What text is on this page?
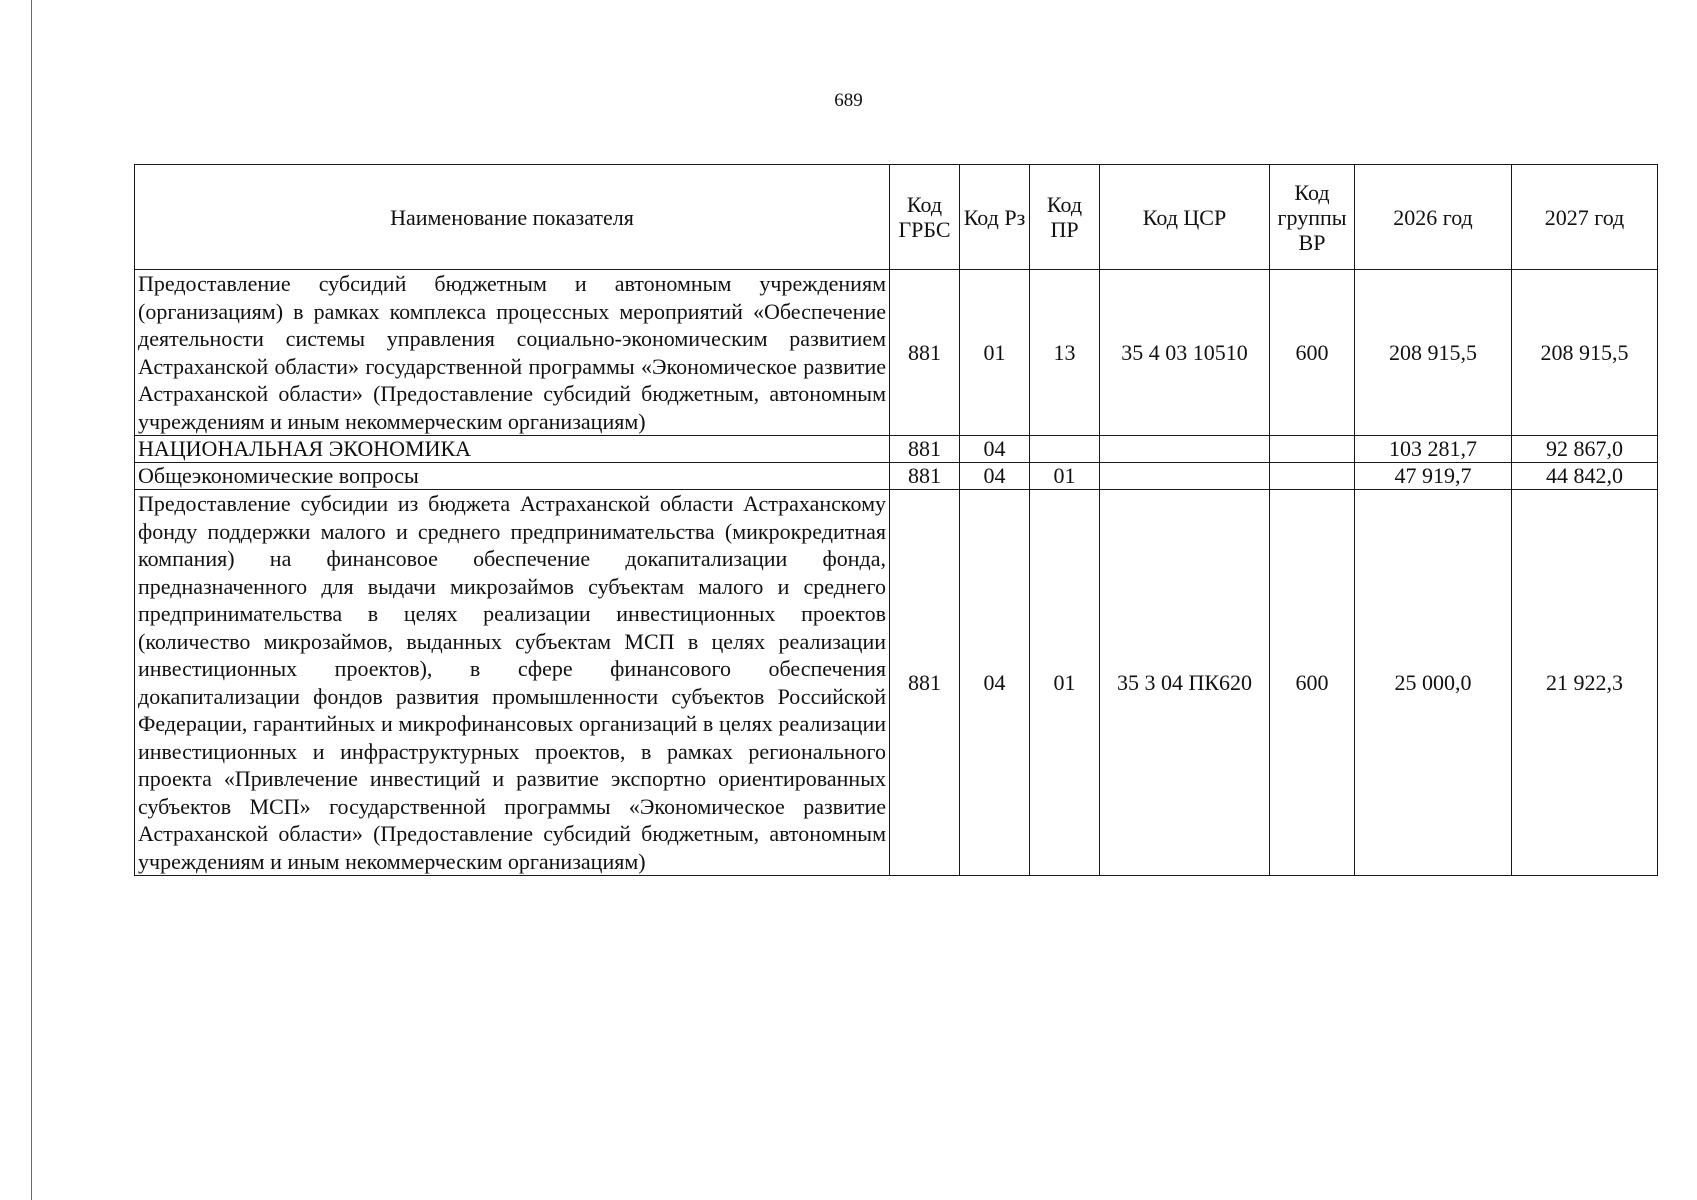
689
Наименование показателя	Код ГРБС	Код Рз	Код ПР	Код ЦСР	Код группы ВР	2026 год	2027 год
Предоставление субсидий бюджетным и автономным учреждениям (организациям) в рамках комплекса процессных мероприятий «Обеспечение деятельности системы управления социально-экономическим развитием Астраханской области» государственной программы «Экономическое развитие Астраханской области» (Предоставление субсидий бюджетным, автономным учреждениям и иным некоммерческим организациям)	881	01	13	35 4 03 10510	600	208 915,5	208 915,5
НАЦИОНАЛЬНАЯ ЭКОНОМИКА	881	04				103 281,7	92 867,0
Общеэкономические вопросы	881	04	01			47 919,7	44 842,0
Предоставление субсидии из бюджета Астраханской области Астраханскому фонду поддержки малого и среднего предпринимательства (микрокредитная компания) на финансовое обеспечение докапитализации фонда, предназначенного для выдачи микрозаймов субъектам малого и среднего предпринимательства в целях реализации инвестиционных проектов (количество микрозаймов, выданных субъектам МСП в целях реализации инвестиционных проектов), в сфере финансового обеспечения докапитализации фондов развития промышленности субъектов Российской Федерации, гарантийных и микрофинансовых организаций в целях реализации инвестиционных и инфраструктурных проектов, в рамках регионального проекта «Привлечение инвестиций и развитие экспортно ориентированных субъектов МСП» государственной программы «Экономическое развитие Астраханской области» (Предоставление субсидий бюджетным, автономным учреждениям и иным некоммерческим организациям)	881	04	01	35 3 04 ПК620	600	25 000,0	21 922,3
